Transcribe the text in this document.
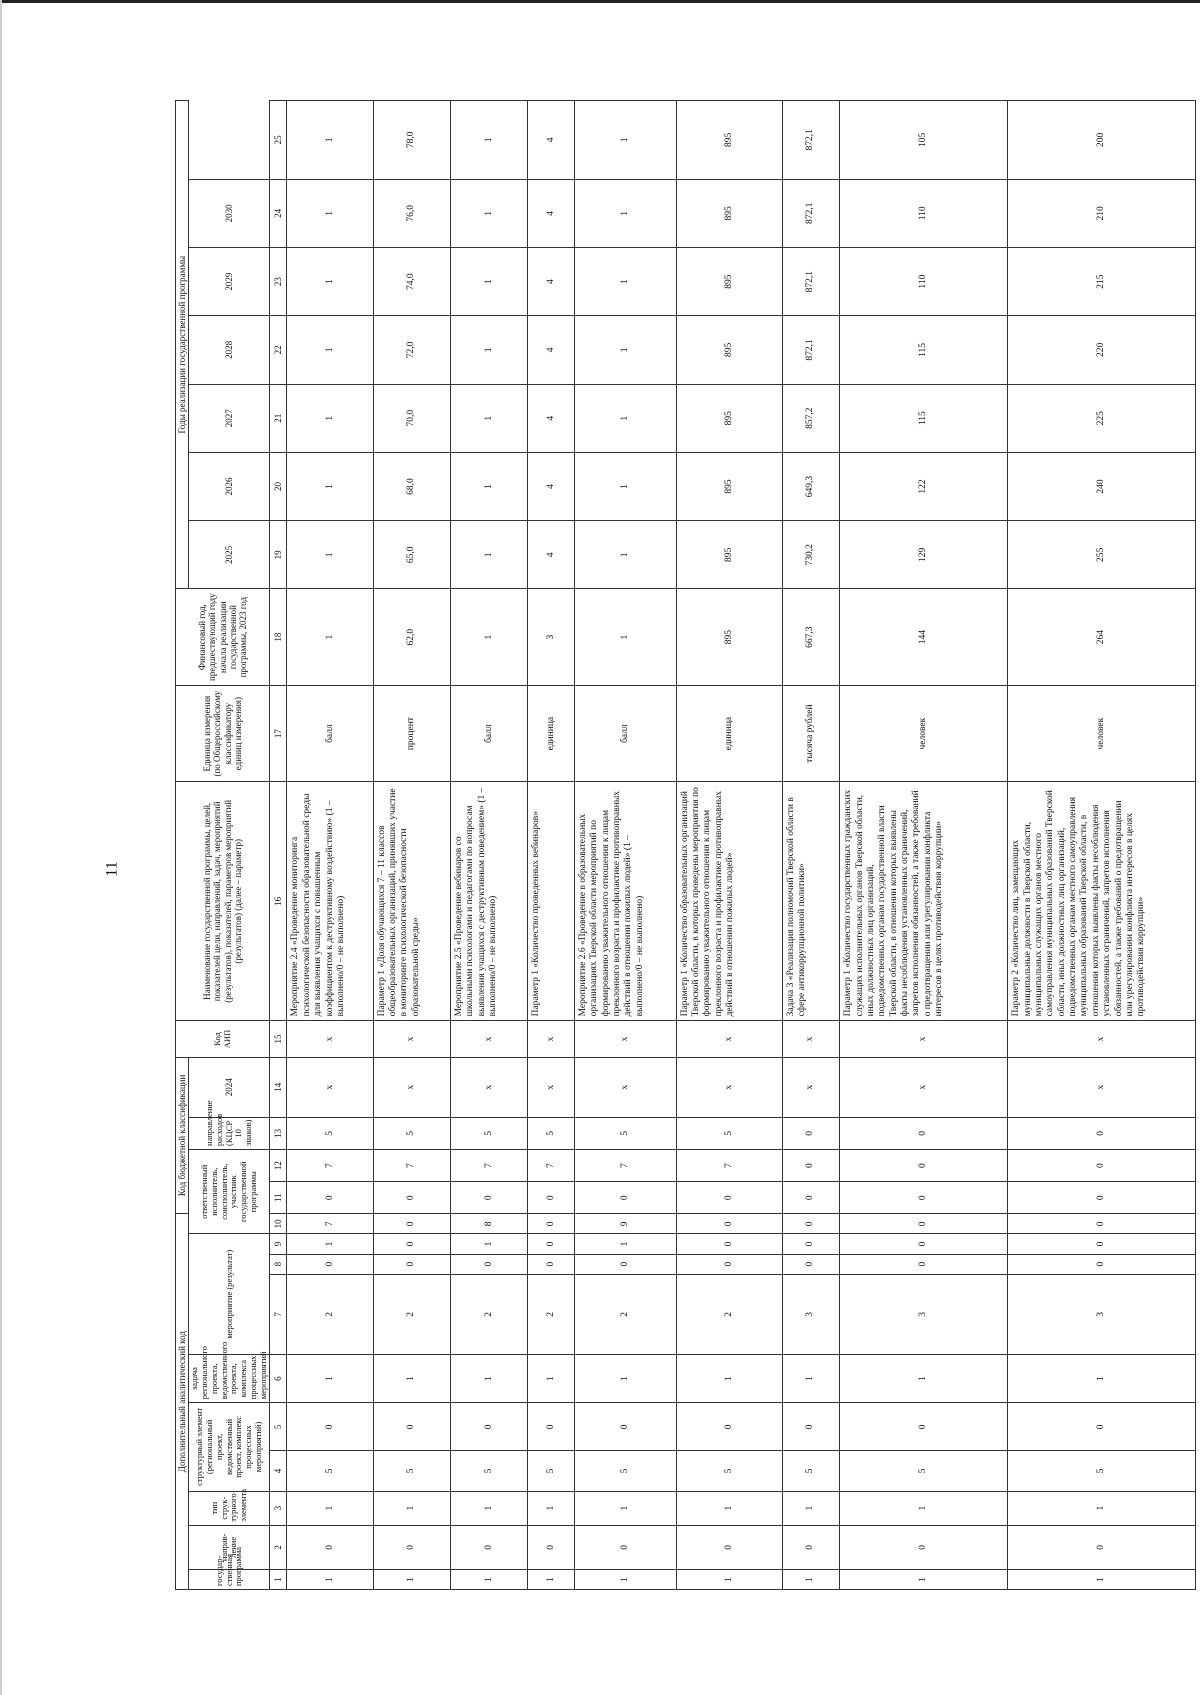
11
Дополнительный аналитический код										Код бюджетной классификации				Код АИП	Наименование государственной программы, целей, показателей цели, направлений, задач, мероприятий (результатов), показателей, параметров мероприятий (результатов) (далее – параметр)	Единица измерения (по Общероссийскому классификатору единиц измерения)	Финансовый год, предшествующий году начала реализации государственной программы, 2023 год	Годы реализации государственной программы						
государ-ственная программа	направ-ление	тип струк-турного элемента	структурный элемент (региональный проект, ведомственный проект, комплекс процессных мероприятий)		задача регионального проекта, ведомственного проекта, комплекса процессных мероприятий	мероприятие (результат)			ответственный исполнитель, соисполнитель, участник государственной программы			направление расходов (КЦСР 10 знаков)	2024					2025	2026	2027	2028	2029	2030	

1	2	3	4	5	6	7	8	9	10	11	12	13	14	15	16	17	18	19	20	21	22	23	24	25
1	0	1	5	0	1	2	0	1	7	0	7	5	х	х	Мероприятие 2.4 «Проведение мониторинга психологической безопасности образовательной среды для выявления учащихся с повышенным коэффициентом к деструктивному воздействию» (1 – выполнено/0 – не выполнено)	балл	1	1	1	1	1	1	1	1
1	0	1	5	0	1	2	0	0	0	0	7	5	х	х	Параметр 1 «Доля обучающихся 7 – 11 классов общеобразовательных организаций, принявших участие в мониторинге психологической безопасности образовательной среды»	процент	62,0	65,0	68,0	70,0	72,0	74,0	76,0	78,0
1	0	1	5	0	1	2	0	1	8	0	7	5	х	х	Мероприятие 2.5 «Проведение вебинаров со школьными психологами и педагогами по вопросам выявления учащихся с деструктивным поведением» (1 – выполнено/0 – не выполнено)	балл	1	1	1	1	1	1	1	1
1	0	1	5	0	1	2	0	0	0	0	7	5	х	х	Параметр 1 «Количество проведенных вебинаров»	единица	3	4	4	4	4	4	4	4
1	0	1	5	0	1	2	0	1	9	0	7	5	х	х	Мероприятие 2.6 «Проведение в образовательных организациях Тверской области мероприятий по формированию уважительного отношения к лицам преклонного возраста и профилактике противоправных действий в отношении пожилых людей» (1 – выполнено/0 – не выполнено)	балл	1	1	1	1	1	1	1	1
1	0	1	5	0	1	2	0	0	0	0	7	5	х	х	Параметр 1 «Количество образовательных организаций Тверской области, в которых проведены мероприятия по формированию уважительного отношения к лицам преклонного возраста и профилактике противоправных действий в отношении пожилых людей»	единица	895	895	895	895	895	895	895	895
1	0	1	5	0	1	3	0	0	0	0	0	0	х	х	Задача 3 «Реализация полномочий Тверской области в сфере антикоррупционной политики»	тысяча рублей	667,3	730,2	649,3	857,2	872,1	872,1	872,1	872,1
1	0	1	5	0	1	3	0	0	0	0	0	0	х	х	Параметр 1 «Количество государственных гражданских служащих исполнительных органов Тверской области, иных должностных лиц организаций, подведомственных органам государственной власти Тверской области, в отношении которых выявлены факты несоблюдения установленных ограничений, запретов исполнения обязанностей, а также требований о предотвращении или урегулировании конфликта интересов в целях противодействия коррупции»	человек	144	129	122	115	115	110	110	105
1	0	1	5	0	1	3	0	0	0	0	0	0	х	х	Параметр 2 «Количество лиц, замещающих муниципальные должности в Тверской области, муниципальных служащих органов местного самоуправления муниципальных образований Тверской области, иных должностных лиц организаций, подведомственных органам местного самоуправления муниципальных образований Тверской области, в отношении которых выявлены факты несоблюдения установленных ограничений, запретов исполнения обязанностей, а также требований о предотвращении или урегулировании конфликта интересов в целях противодействия коррупции»	человек	264	255	240	225	220	215	210	200
